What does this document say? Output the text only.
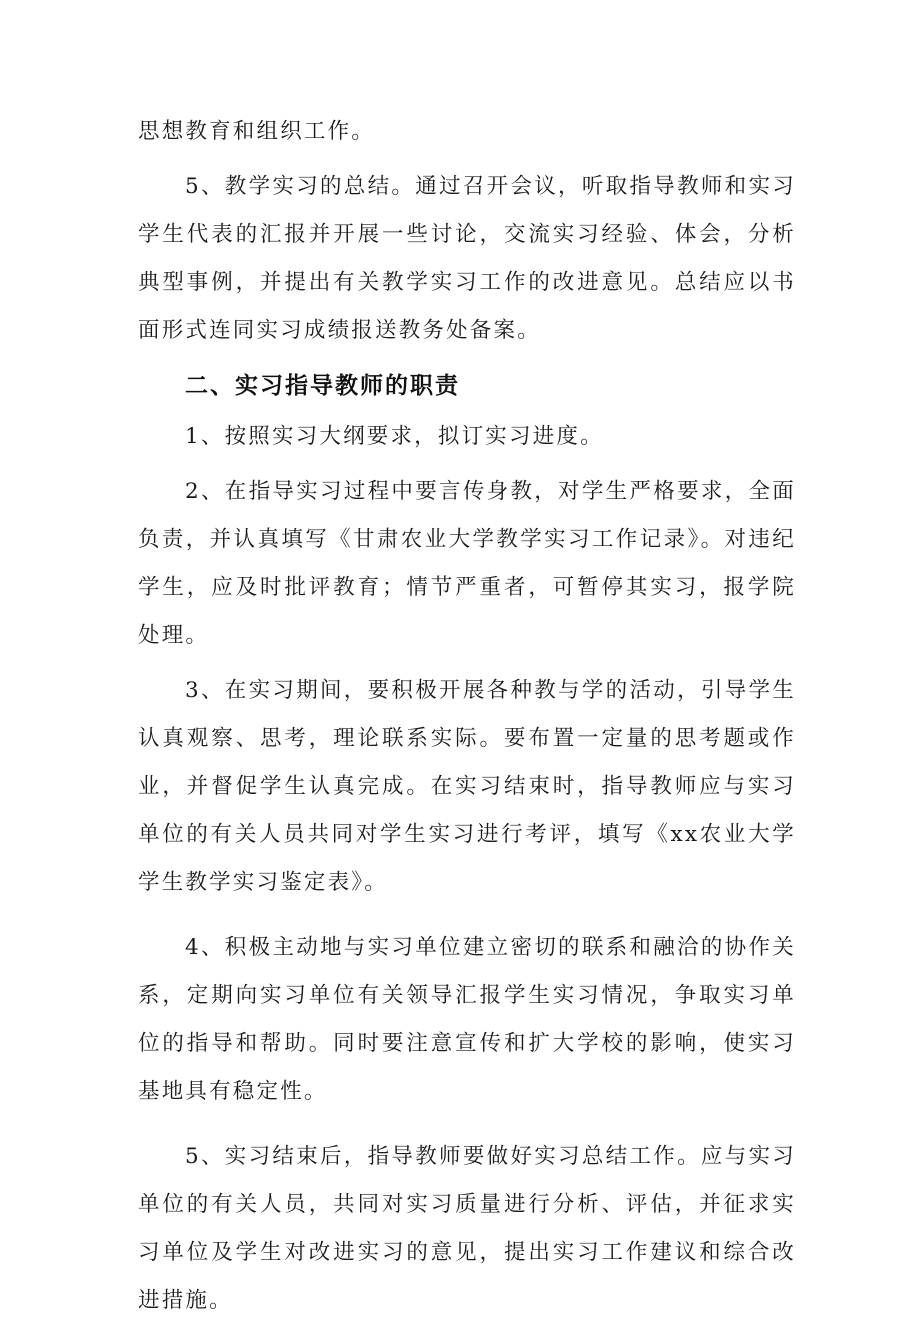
思想教育和组织工作。

5、教学实习的总结。通过召开会议，听取指导教师和实习学生代表的汇报并开展一些讨论，交流实习经验、体会，分析典型事例，并提出有关教学实习工作的改进意见。总结应以书面形式连同实习成绩报送教务处备案。

二、实习指导教师的职责

1、按照实习大纲要求，拟订实习进度。

2、在指导实习过程中要言传身教，对学生严格要求，全面负责，并认真填写《甘肃农业大学教学实习工作记录》。对违纪学生，应及时批评教育；情节严重者，可暂停其实习，报学院处理。

3、在实习期间，要积极开展各种教与学的活动，引导学生认真观察、思考，理论联系实际。要布置一定量的思考题或作业，并督促学生认真完成。在实习结束时，指导教师应与实习单位的有关人员共同对学生实习进行考评，填写《xx农业大学学生教学实习鉴定表》。

4、积极主动地与实习单位建立密切的联系和融洽的协作关系，定期向实习单位有关领导汇报学生实习情况，争取实习单位的指导和帮助。同时要注意宣传和扩大学校的影响，使实习基地具有稳定性。

5、实习结束后，指导教师要做好实习总结工作。应与实习单位的有关人员，共同对实习质量进行分析、评估，并征求实习单位及学生对改进实习的意见，提出实习工作建议和综合改进措施。
